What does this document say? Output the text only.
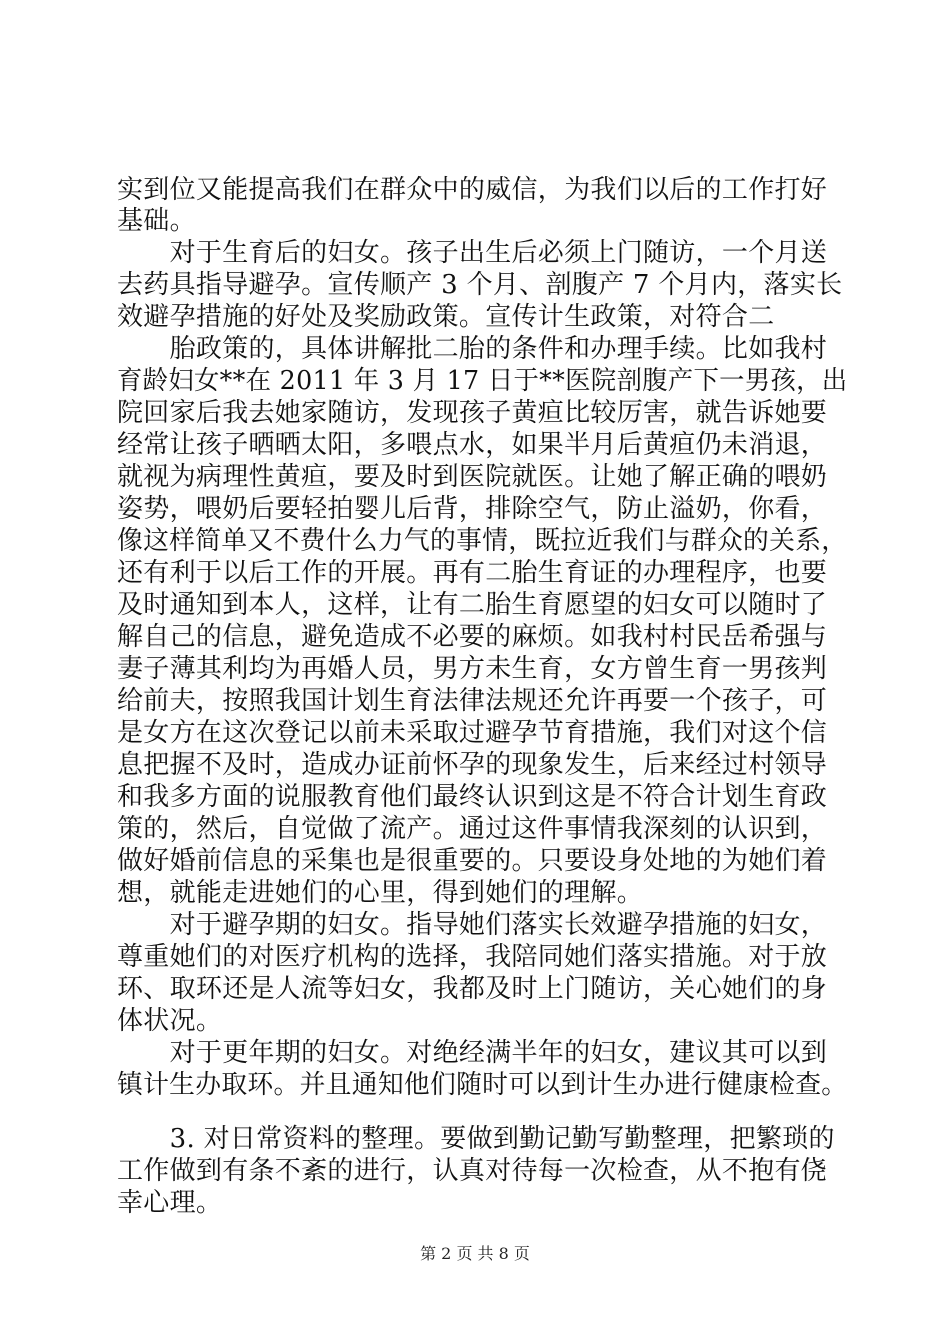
实到位又能提高我们在群众中的威信，为我们以后的工作打好
基础。
　　对于生育后的妇女。孩子出生后必须上门随访，一个月送
去药具指导避孕。宣传顺产 3 个月、剖腹产 7 个月内，落实长
效避孕措施的好处及奖励政策。宣传计生政策，对符合二
　　胎政策的，具体讲解批二胎的条件和办理手续。比如我村
育龄妇女**在 2011 年 3 月 17 日于**医院剖腹产下一男孩，出
院回家后我去她家随访，发现孩子黄疸比较厉害，就告诉她要
经常让孩子晒晒太阳，多喂点水，如果半月后黄疸仍未消退，
就视为病理性黄疸，要及时到医院就医。让她了解正确的喂奶
姿势，喂奶后要轻拍婴儿后背，排除空气，防止溢奶，你看，
像这样简单又不费什么力气的事情，既拉近我们与群众的关系，
还有利于以后工作的开展。再有二胎生育证的办理程序，也要
及时通知到本人，这样，让有二胎生育愿望的妇女可以随时了
解自己的信息，避免造成不必要的麻烦。如我村村民岳希强与
妻子薄其利均为再婚人员，男方未生育，女方曾生育一男孩判
给前夫，按照我国计划生育法律法规还允许再要一个孩子，可
是女方在这次登记以前未采取过避孕节育措施，我们对这个信
息把握不及时，造成办证前怀孕的现象发生，后来经过村领导
和我多方面的说服教育他们最终认识到这是不符合计划生育政
策的，然后，自觉做了流产。通过这件事情我深刻的认识到，
做好婚前信息的采集也是很重要的。只要设身处地的为她们着
想，就能走进她们的心里，得到她们的理解。
　　对于避孕期的妇女。指导她们落实长效避孕措施的妇女，
尊重她们的对医疗机构的选择，我陪同她们落实措施。对于放
环、取环还是人流等妇女，我都及时上门随访，关心她们的身
体状况。
　　对于更年期的妇女。对绝经满半年的妇女，建议其可以到
镇计生办取环。并且通知他们随时可以到计生办进行健康检查。
　　3. 对日常资料的整理。要做到勤记勤写勤整理，把繁琐的
工作做到有条不紊的进行，认真对待每一次检查，从不抱有侥
幸心理。
第 2 页 共 8 页
